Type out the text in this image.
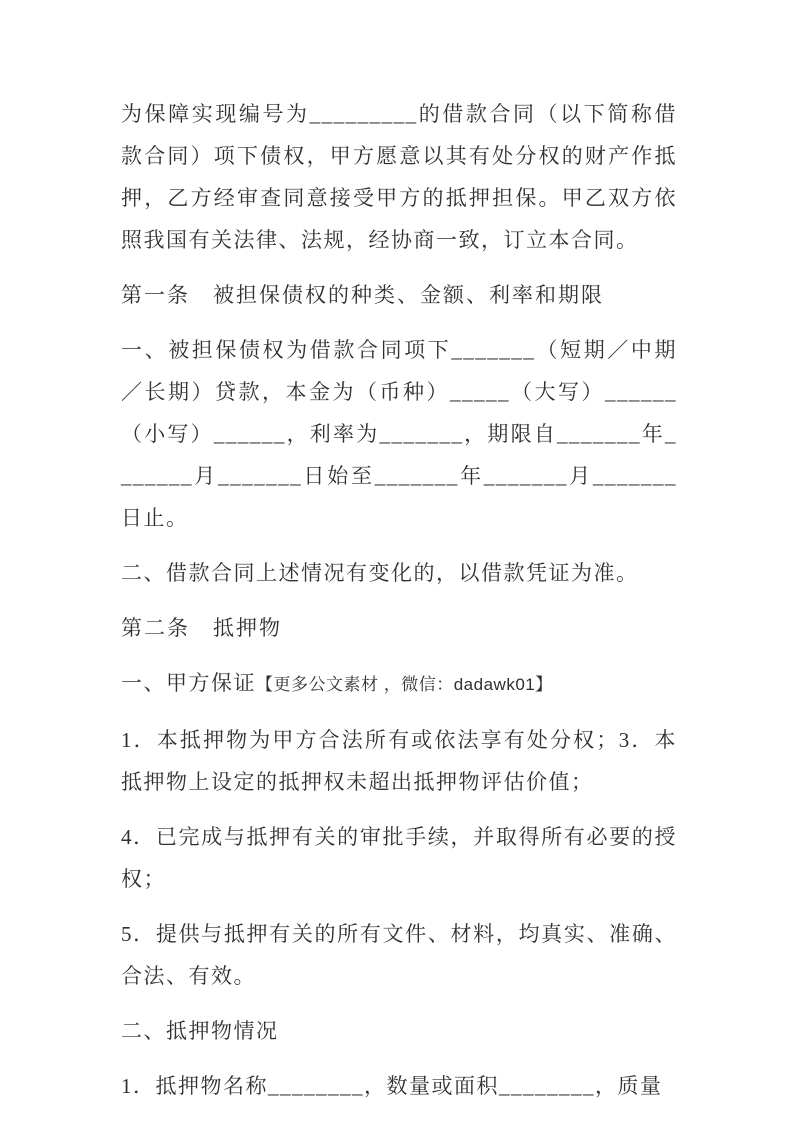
为保障实现编号为_________的借款合同（以下简称借款合同）项下债权，甲方愿意以其有处分权的财产作抵押，乙方经审查同意接受甲方的抵押担保。甲乙双方依照我国有关法律、法规，经协商一致，订立本合同。

第一条　被担保债权的种类、金额、利率和期限

一、被担保债权为借款合同项下_______（短期／中期／长期）贷款，本金为（币种）_____（大写）______（小写）______，利率为_______，期限自_______年_______月_______日始至_______年_______月_______日止。

二、借款合同上述情况有变化的，以借款凭证为准。

第二条　抵押物

一、甲方保证【更多公文素材 ，微信：dadawk01】

1．本抵押物为甲方合法所有或依法享有处分权；3．本抵押物上设定的抵押权未超出抵押物评估价值；

4．已完成与抵押有关的审批手续，并取得所有必要的授权；

5．提供与抵押有关的所有文件、材料，均真实、准确、合法、有效。

二、抵押物情况

1．抵押物名称________，数量或面积________，质量
